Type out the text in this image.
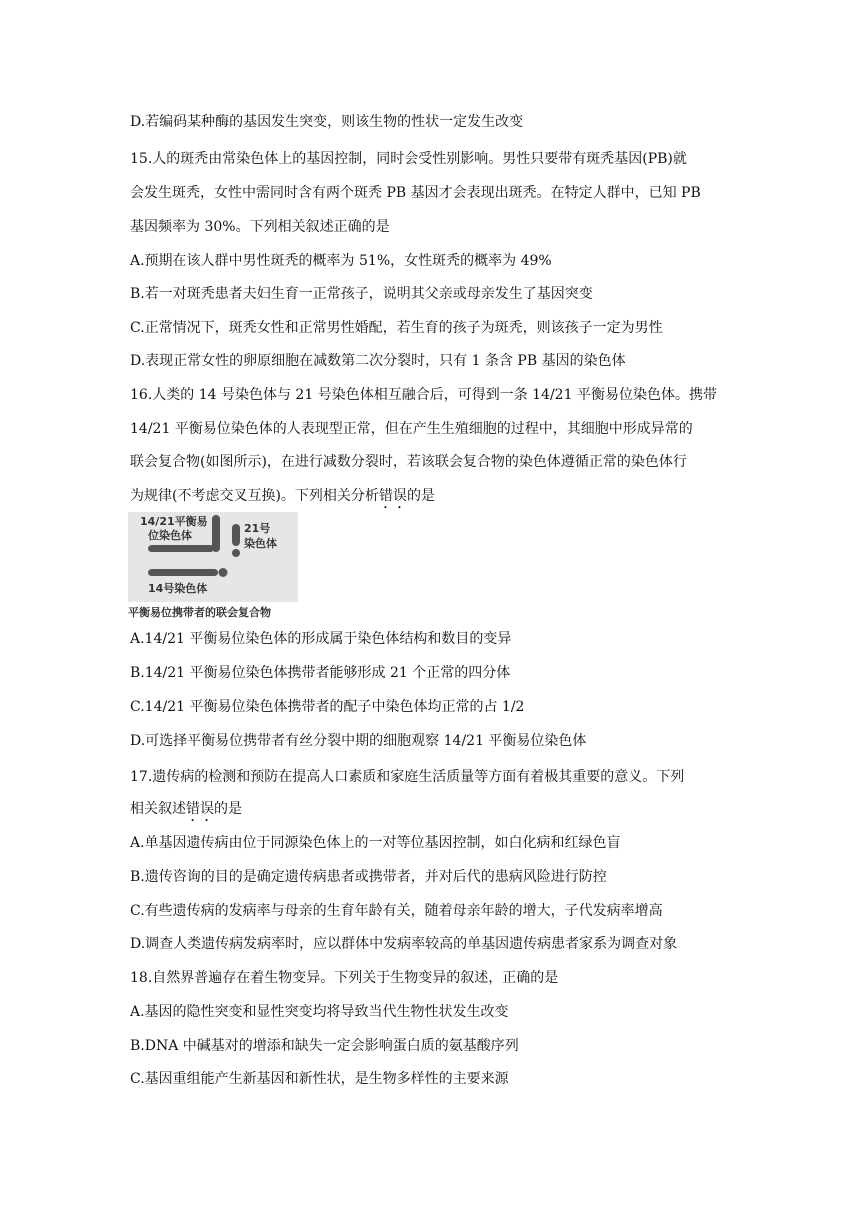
D.若编码某种酶的基因发生突变，则该生物的性状一定发生改变
15.人的斑秃由常染色体上的基因控制，同时会受性别影响。男性只要带有斑秃基因(PB)就
会发生斑秃，女性中需同时含有两个斑秃 PB 基因才会表现出斑秃。在特定人群中，已知 PB
基因频率为 30%。下列相关叙述正确的是
A.预期在该人群中男性斑秃的概率为 51%，女性斑秃的概率为 49%
B.若一对斑秃患者夫妇生育一正常孩子，说明其父亲或母亲发生了基因突变
C.正常情况下，斑秃女性和正常男性婚配，若生育的孩子为斑秃，则该孩子一定为男性
D.表现正常女性的卵原细胞在减数第二次分裂时，只有 1 条含 PB 基因的染色体
16.人类的 14 号染色体与 21 号染色体相互融合后，可得到一条 14/21 平衡易位染色体。携带
14/21 平衡易位染色体的人表现型正常，但在产生生殖细胞的过程中，其细胞中形成异常的
联会复合物(如图所示)，在进行减数分裂时，若该联会复合物的染色体遵循正常的染色体行
为规律(不考虑交叉互换)。下列相关分析错误的是
14/21平衡易
位染色体
21号
染色体
14号染色体
平衡易位携带者的联会复合物
A.14/21 平衡易位染色体的形成属于染色体结构和数目的变异
B.14/21 平衡易位染色体携带者能够形成 21 个正常的四分体
C.14/21 平衡易位染色体携带者的配子中染色体均正常的占 1/2
D.可选择平衡易位携带者有丝分裂中期的细胞观察 14/21 平衡易位染色体
17.遗传病的检测和预防在提高人口素质和家庭生活质量等方面有着极其重要的意义。下列
相关叙述错误的是
A.单基因遗传病由位于同源染色体上的一对等位基因控制，如白化病和红绿色盲
B.遗传咨询的目的是确定遗传病患者或携带者，并对后代的患病风险进行防控
C.有些遗传病的发病率与母亲的生育年龄有关，随着母亲年龄的增大，子代发病率增高
D.调查人类遗传病发病率时，应以群体中发病率较高的单基因遗传病患者家系为调查对象
18.自然界普遍存在着生物变异。下列关于生物变异的叙述，正确的是
A.基因的隐性突变和显性突变均将导致当代生物性状发生改变
B.DNA 中碱基对的增添和缺失一定会影响蛋白质的氨基酸序列
C.基因重组能产生新基因和新性状，是生物多样性的主要来源
